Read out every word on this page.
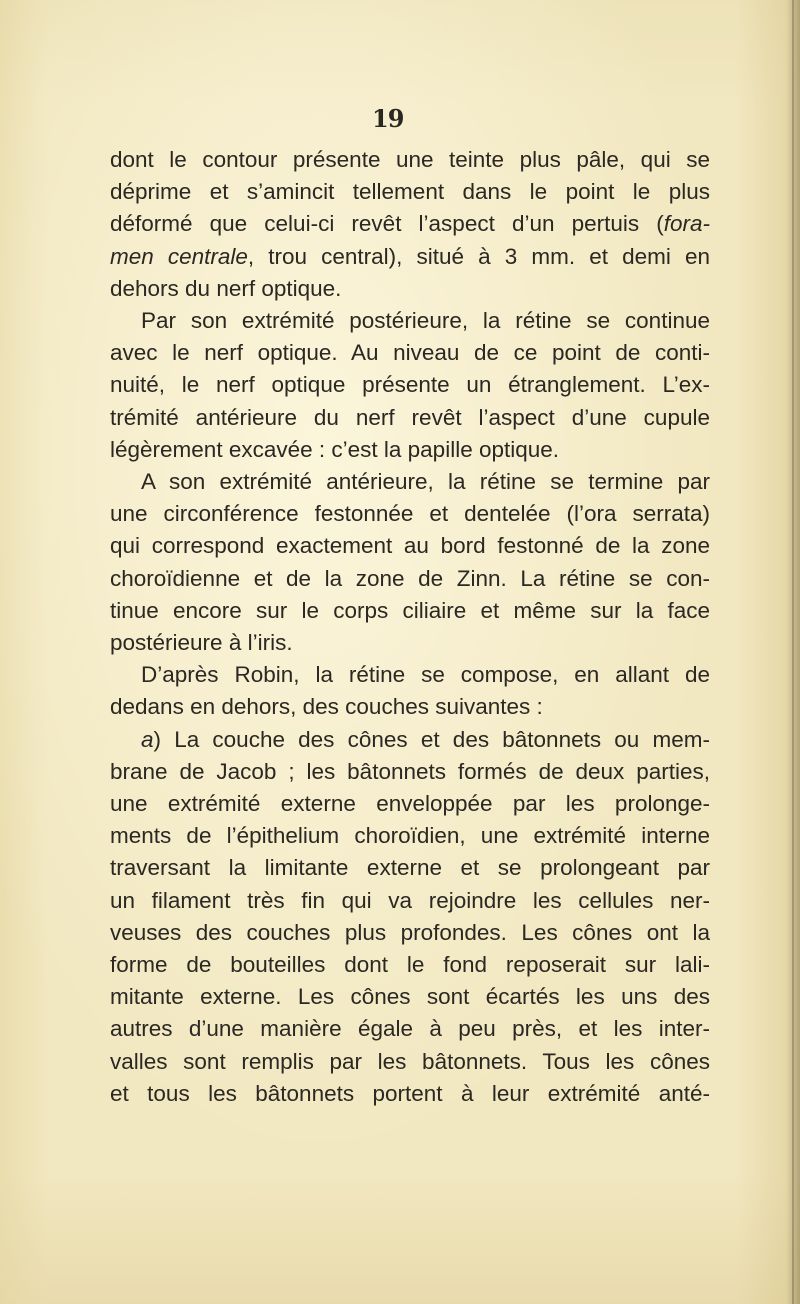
19
dont le contour présente une teinte plus pâle, qui se
déprime et s’amincit tellement dans le point le plus
déformé que celui-ci revêt l’aspect d’un pertuis (fora-
men centrale, trou central), situé à 3 mm. et demi en
dehors du nerf optique.
Par son extrémité postérieure, la rétine se continue
avec le nerf optique. Au niveau de ce point de conti-
nuité, le nerf optique présente un étranglement. L’ex-
trémité antérieure du nerf revêt l’aspect d’une cupule
légèrement excavée : c’est la papille optique.
A son extrémité antérieure, la rétine se termine par
une circonférence festonnée et dentelée (l’ora serrata)
qui correspond exactement au bord festonné de la zone
choroïdienne et de la zone de Zinn. La rétine se con-
tinue encore sur le corps ciliaire et même sur la face
postérieure à l’iris.
D’après Robin, la rétine se compose, en allant de
dedans en dehors, des couches suivantes :
a) La couche des cônes et des bâtonnets ou mem-
brane de Jacob ; les bâtonnets formés de deux parties,
une extrémité externe enveloppée par les prolonge-
ments de l’épithelium choroïdien, une extrémité interne
traversant la limitante externe et se prolongeant par
un filament très fin qui va rejoindre les cellules ner-
veuses des couches plus profondes. Les cônes ont la
forme de bouteilles dont le fond reposerait sur lali-
mitante externe. Les cônes sont écartés les uns des
autres d’une manière égale à peu près, et les inter-
valles sont remplis par les bâtonnets. Tous les cônes
et tous les bâtonnets portent à leur extrémité anté-
